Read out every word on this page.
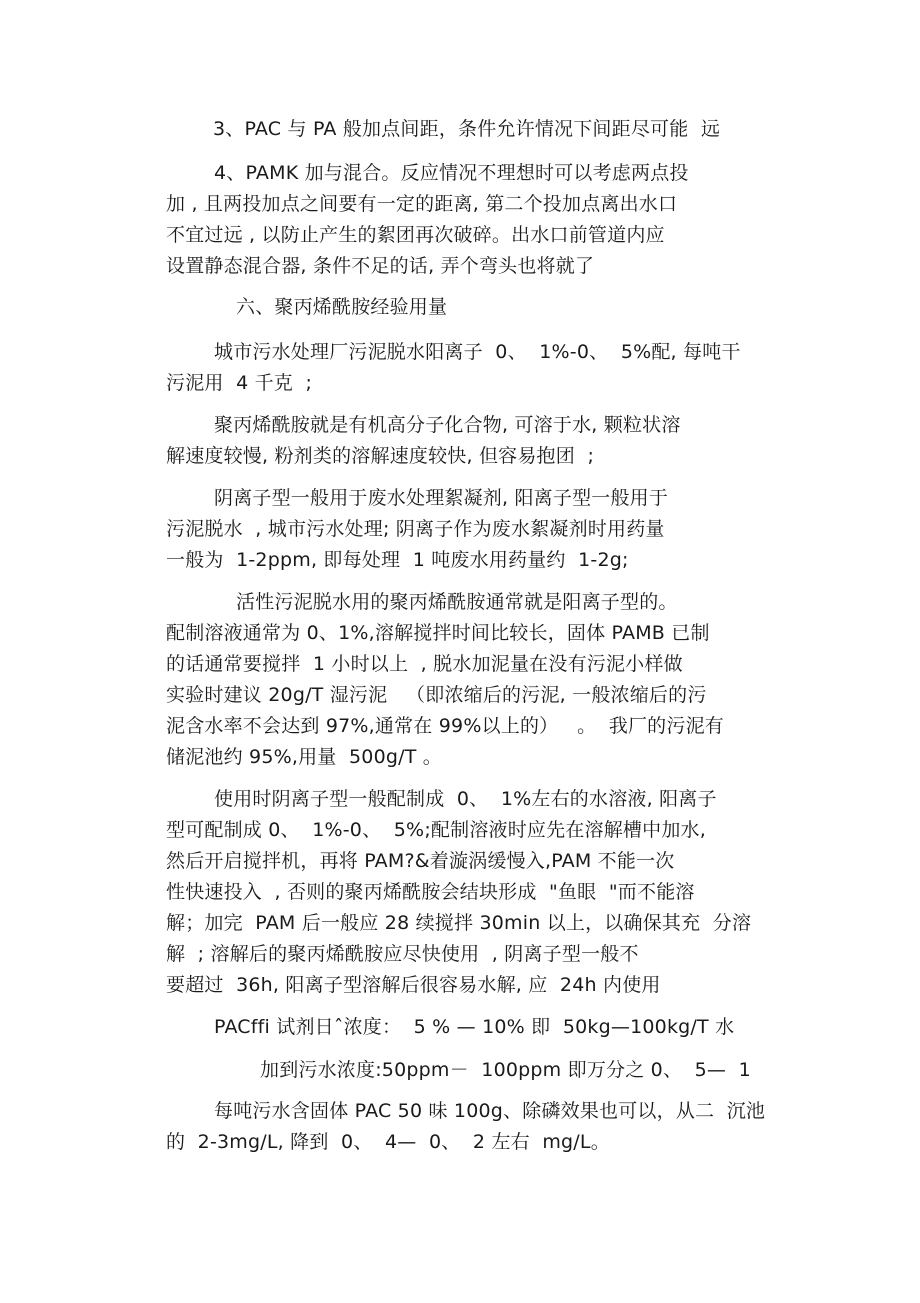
3、PAC 与 PA 般加点间距，条件允许情况下间距尽可能  远
4、PAMK 加与混合。反应情况不理想时可以考虑两点投
加 , 且两投加点之间要有一定的距离, 第二个投加点离出水口
不宜过远 , 以防止产生的絮团再次破碎。出水口前管道内应
设置静态混合器, 条件不足的话, 弄个弯头也将就了
六、聚丙烯酰胺经验用量
城市污水处理厂污泥脱水阳离子  0、  1%-0、  5%配, 每吨干
污泥用  4 千克  ;
聚丙烯酰胺就是有机高分子化合物, 可溶于水, 颗粒状溶
解速度较慢, 粉剂类的溶解速度较快, 但容易抱团  ;
阴离子型一般用于废水处理絮凝剂, 阳离子型一般用于
污泥脱水  , 城市污水处理; 阴离子作为废水絮凝剂时用药量
一般为  1-2ppm, 即每处理  1 吨废水用药量约  1-2g;
活性污泥脱水用的聚丙烯酰胺通常就是阳离子型的。
配制溶液通常为 0、1%,溶解搅拌时间比较长，固体 PAMB 已制
的话通常要搅拌  1 小时以上  , 脱水加泥量在没有污泥小样做
实验时建议 20g/T 湿污泥   （即浓缩后的污泥, 一般浓缩后的污
泥含水率不会达到 97%,通常在 99%以上的）   。  我厂的污泥有
储泥池约 95%,用量  500g/T 。
使用时阴离子型一般配制成  0、  1%左右的水溶液, 阳离子
型可配制成 0、  1%-0、  5%;配制溶液时应先在溶解槽中加水,
然后开启搅拌机，再将 PAM?&着漩涡缓慢入,PAM 不能一次
性快速投入  , 否则的聚丙烯酰胺会结块形成  "鱼眼  "而不能溶
解；加完  PAM 后一般应 28 续搅拌 30min 以上，以确保其充  分溶
解  ; 溶解后的聚丙烯酰胺应尽快使用  , 阴离子型一般不
要超过  36h, 阳离子型溶解后很容易水解, 应  24h 内使用
PACffi 试剂日ˆ浓度：  5 % — 10% 即  50kg—100kg/T 水
加到污水浓度:50ppm－  100ppm 即万分之 0、  5—  1
每吨污水含固体 PAC 50 味 100g、除磷效果也可以，从二  沉池
的  2-3mg/L, 降到  0、  4—  0、  2 左右  mg/L。
